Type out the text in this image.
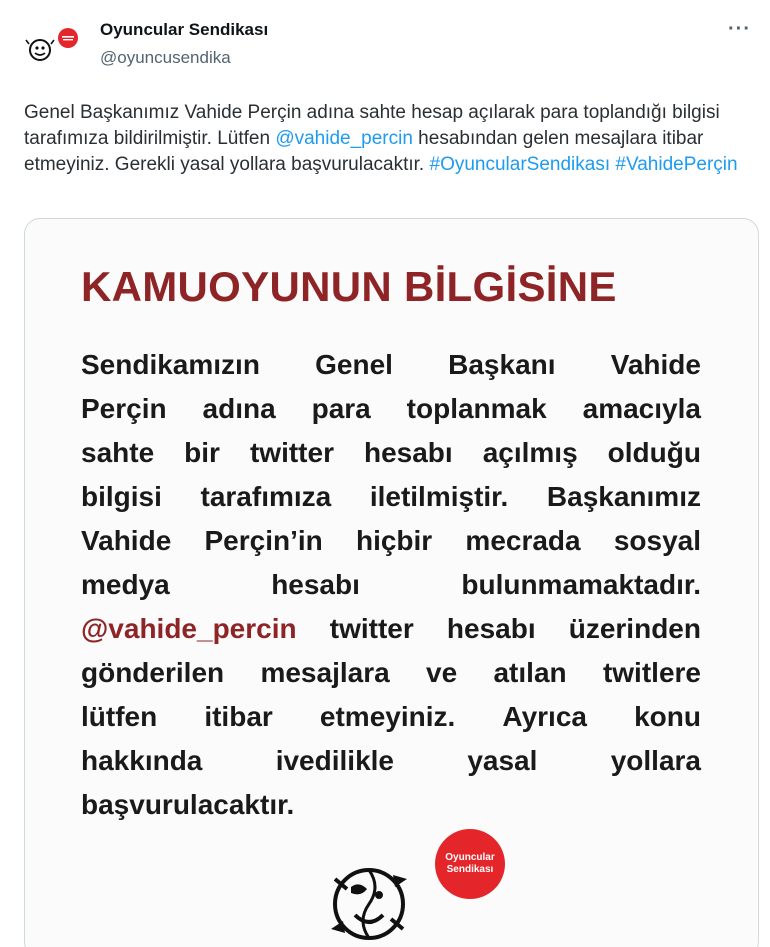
Oyuncular Sendikası
@oyuncusendika
···
Genel Başkanımız Vahide Perçin adına sahte hesap açılarak para toplandığı bilgisi tarafımıza bildirilmiştir. Lütfen @vahide_percin hesabından gelen mesajlara itibar etmeyiniz. Gerekli yasal yollara başvurulacaktır. #OyuncularSendikası #VahidePerçin
KAMUOYUNUN BİLGİSİNE
Sendikamızın Genel Başkanı Vahide
Perçin adına para toplanmak amacıyla
sahte bir twitter hesabı açılmış olduğu
bilgisi tarafımıza iletilmiştir. Başkanımız
Vahide Perçin’in hiçbir mecrada sosyal
medya	hesabı	bulunmamaktadır.
@vahide_percin twitter hesabı üzerinden
gönderilen mesajlara ve atılan twitlere
lütfen itibar etmeyiniz. Ayrıca konu
hakkında	ivedilikle	yasal	yollara
başvurulacaktır.
Oyuncular
Sendikası
